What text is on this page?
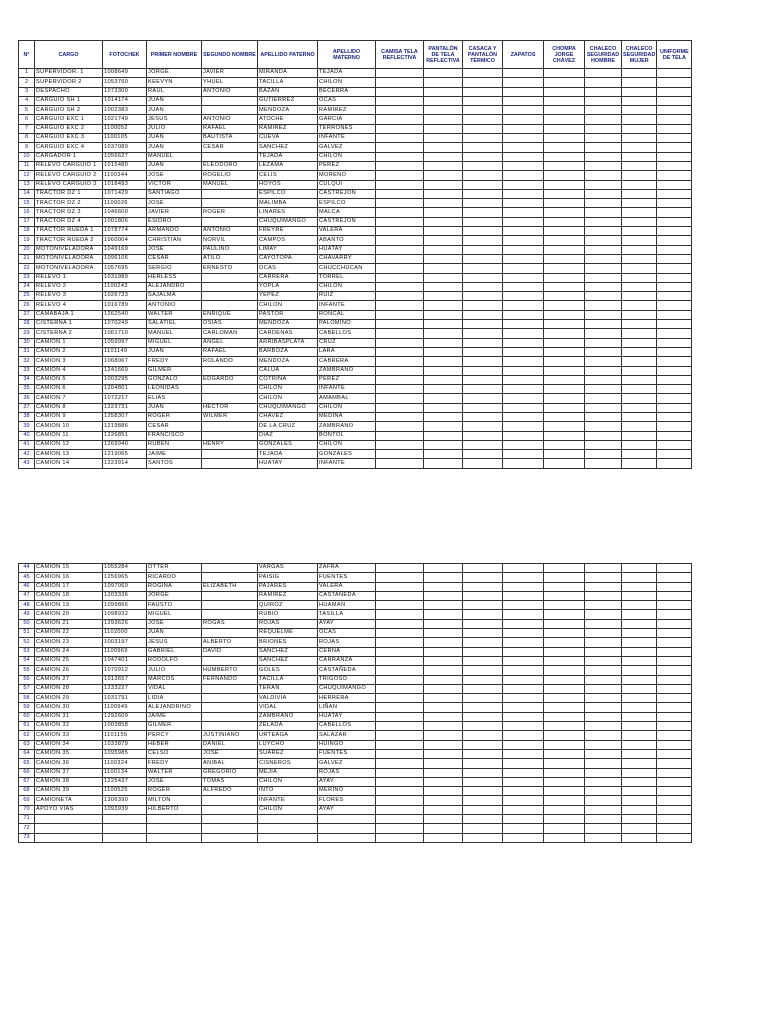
N°	CARGO	FOTOCHEK	PRIMER NOMBRE	SEGUNDO NOMBRE	APELLIDO PATERNO	APELLIDO MATERNO	CAMISA TELA REFLECTIVA	PANTALÓN DE TELA REFLECTIVA	CASACA Y PANTALÓN TÉRMICO	ZAPATOS	CHOMPA JORGE CHÁVEZ	CHALECO SEGURIDAD HOMBRE	CHALECO SEGURIDAD MUJER	UNIFORME DE TELA
1	SUPERVIDOR. 1	1008649	JORGE	JAVIER	MIRANDA	TEJADA								
2	SUPERVIDOR 2	1053760	KEEVYN	YHUEL	TACILLA	CHILON								
3	DESPACHO	1073300	RAUL	ANTONIO	BAZAN	BECERRA								
4	CARGUIO SH 1	1014174	JUAN		GUTIERREZ	OCAS								
5	CARGUIO SH 2	1002383	JUAN		MENDOZA	RAMIREZ								
6	CARGUIO EXC 1	1021749	JESUS	ANTONIO	ATOCHE	GARCIA								
7	CARGUIO EXC 2	1100052	JULIO	RAFAEL	RAMIREZ	TERRONES								
8	CARGUIO EXC 3	1100105	JUAN	BAUTISTA	CUEVA	INFANTE								
9	CARGUIO EXC 4	1037089	JUAN	CESAR	SANCHEZ	GALVEZ								
10	CARGADOR 1	1056627	MANUEL		TEJADA	CHILON								
11	RELEVO CARGUIO 1	1015480	JUAN	ELEODORO	LEZAMA	PEREZ								
12	RELEVO CARGUIO 2	1100344	JOSE	ROGELIO	CELIS	MORENO								
13	RELEVO CARGUIO 3	1018493	VICTOR	MANUEL	HOYOS	CULQUI								
14	TRACTOR DZ 1	1071429	SANTIAGO		ESPILCO	CASTREJON								
15	TRACTOR DZ 2	1100026	JOSE		MALIMBA	ESPILCO								
16	TRACTOR DZ 3	1046600	JAVIER	ROGER	LINARES	MALCA								
17	TRACTOR DZ 4	1001806	ESIDRO		CHUQUIMANGO	CASTREJON								
18	TRACTOR RUEDA 1	1078774	ARMANDO	ANTONIO	FREYRE	VALERA								
19	TRACTOR RUEDA 2	1060004	CHRISTIAN	NORVIL	CAMPOS	ABANTO								
20	MOTONIVELADORA	1049169	JOSE	PAULINO	LIMAY	HUATAY								
21	MOTONIVELADORA	1096106	CESAR	ATILO	CAYOTOPA	CHAVARRY								
22	MOTONIVELADORA	1057695	SERGIO	ERNESTO	OCAS	CHUCCHUCAN								
23	RELEVO 1	1031989	HERLESS		CARRERA	TORREL								
24	RELEVO 2	1100243	ALEJANDRO		YOPLA	CHILON								
25	RELEVO 3	1026733	SAJALMA		YEPEZ	RUIZ								
26	RELEVO 4	1016789	ANTONIO		CHILON	INFANTE								
27	CAMABAJA 1	1262540	WALTER	ENRIQUE	PASTOR	RONCAL								
28	CISTERNA 1	1070249	SALATIEL	OSIAS	MENDOZA	PALOMINO								
29	CISTERNA 2	1061710	MANUEL	CARLOMAN	CARDENAS	CABELLOS								
30	CAMION 1	1059997	MIGUEL	ANGEL	ARRIBASPLATA	CRUZ								
31	CAMION 2	1101149	JUAN	RAFAEL	BARBOZA	LARA								
32	CAMION 3	1068067	FREDY	ROLANDO	MENDOZA	CABRERA								
33	CAMION 4	1241669	GILMER		CALUA	ZAMBRANO								
34	CAMION 5	1003295	GONZALO	EDGARDO	COTRINA	PEREZ								
35	CAMION 6	1204801	LEONIDAS		CHILON	INFANTE								
36	CAMION 7	1072217	ELIAS		CHILON	AMAMBAL								
37	CAMION 8	1223731	JUAN	HECTOR	CHUQUIMANGO	CHILON								
38	CAMION 9	1258307	ROGER	WILMER	CHAVEZ	MEDINA								
39	CAMION 10	1219886	CESAR		DE LA CRUZ	ZAMBRANO								
40	CAMION 11	1226851	FRANCISCO		DIAZ	BONTOL								
41	CAMION 12	1269940	RUBEN	HENRY	GONZALES	CHILON								
42	CAMION 13	1219065	JAIME		TEJADA	GONZALES								
43	CAMION 14	1223914	SANTOS		HUATAY	INFANTE								
44	CAMION 15	1055284	OTTER		VARGAS	ZAFRA								
45	CAMION 16	1256965	RICARDO		PAISIG	FUENTES								
46	CAMION 17	1097069	ROGINA	ELIZABETH	PAJARES	VALERA								
47	CAMION 18	1203336	JORGE		RAMIREZ	CASTAÑEDA								
48	CAMION 19	1099866	FAUSTO		QUIROZ	HUAMAN								
49	CAMION 20	1098932	MIGUEL		RUBIO	TASILLA								
50	CAMION 21	1293626	JOSE	ROGAS	ROJAS	AYAY								
51	CAMION 22	1102000	JUAN		REQUELME	OCAS								
52	CAMION 23	1003197	JESUS	ALBERTO	BRIONES	ROJAS								
53	CAMION 24	1100969	GABRIEL	DAVID	SANCHEZ	CERNA								
54	CAMION 25	1047401	RODOLFO		SANCHEZ	CARRANZA								
55	CAMION 26	1070912	JULIO	HUMBERTO	GOLES	CASTAÑEDA								
56	CAMION 27	1013657	MARCOS	FERNANDO	TACILLA	TRIGOSO								
57	CAMION 28	1233227	VIDAL		TERAN	CHUQUIMANGO								
58	CAMION 29	1031791	LIDIA		VALDIVIA	HERRERA								
59	CAMION 30	1100949	ALEJANDRINO		VIDAL	LIÑAN								
60	CAMION 31	1292609	JAIME		ZAMBRANO	HUATAY								
61	CAMION 32	1003858	GILMER		ZELADA	CABELLOS								
62	CAMION 33	1101155	PERCY	JUSTINIANO	URTEAGA	SALAZAR								
63	CAMION 34	1033879	HEBER	DANIEL	LUYCHO	HUINGO								
64	CAMION 35	1095985	CELSO	JOSE	SUAREZ	FUENTES								
65	CAMION 36	1100324	FREDY	ANIBAL	CISNEROS	GALVEZ								
66	CAMION 37	1100134	WALTER	GREGORIO	MEJIA	ROJAS								
67	CAMION 38	1225437	JOSE	TOMAS	CHILON	AYAY								
68	CAMION 39	1100525	ROGER	ALFREDO	INTO	MERINO								
69	CAMIONETA	1306390	MILTON		INFANTE	FLORES								
70	APOYO VIAS	1093939	HILBERTO		CHILON	AYAY								
71														
72														
73														
